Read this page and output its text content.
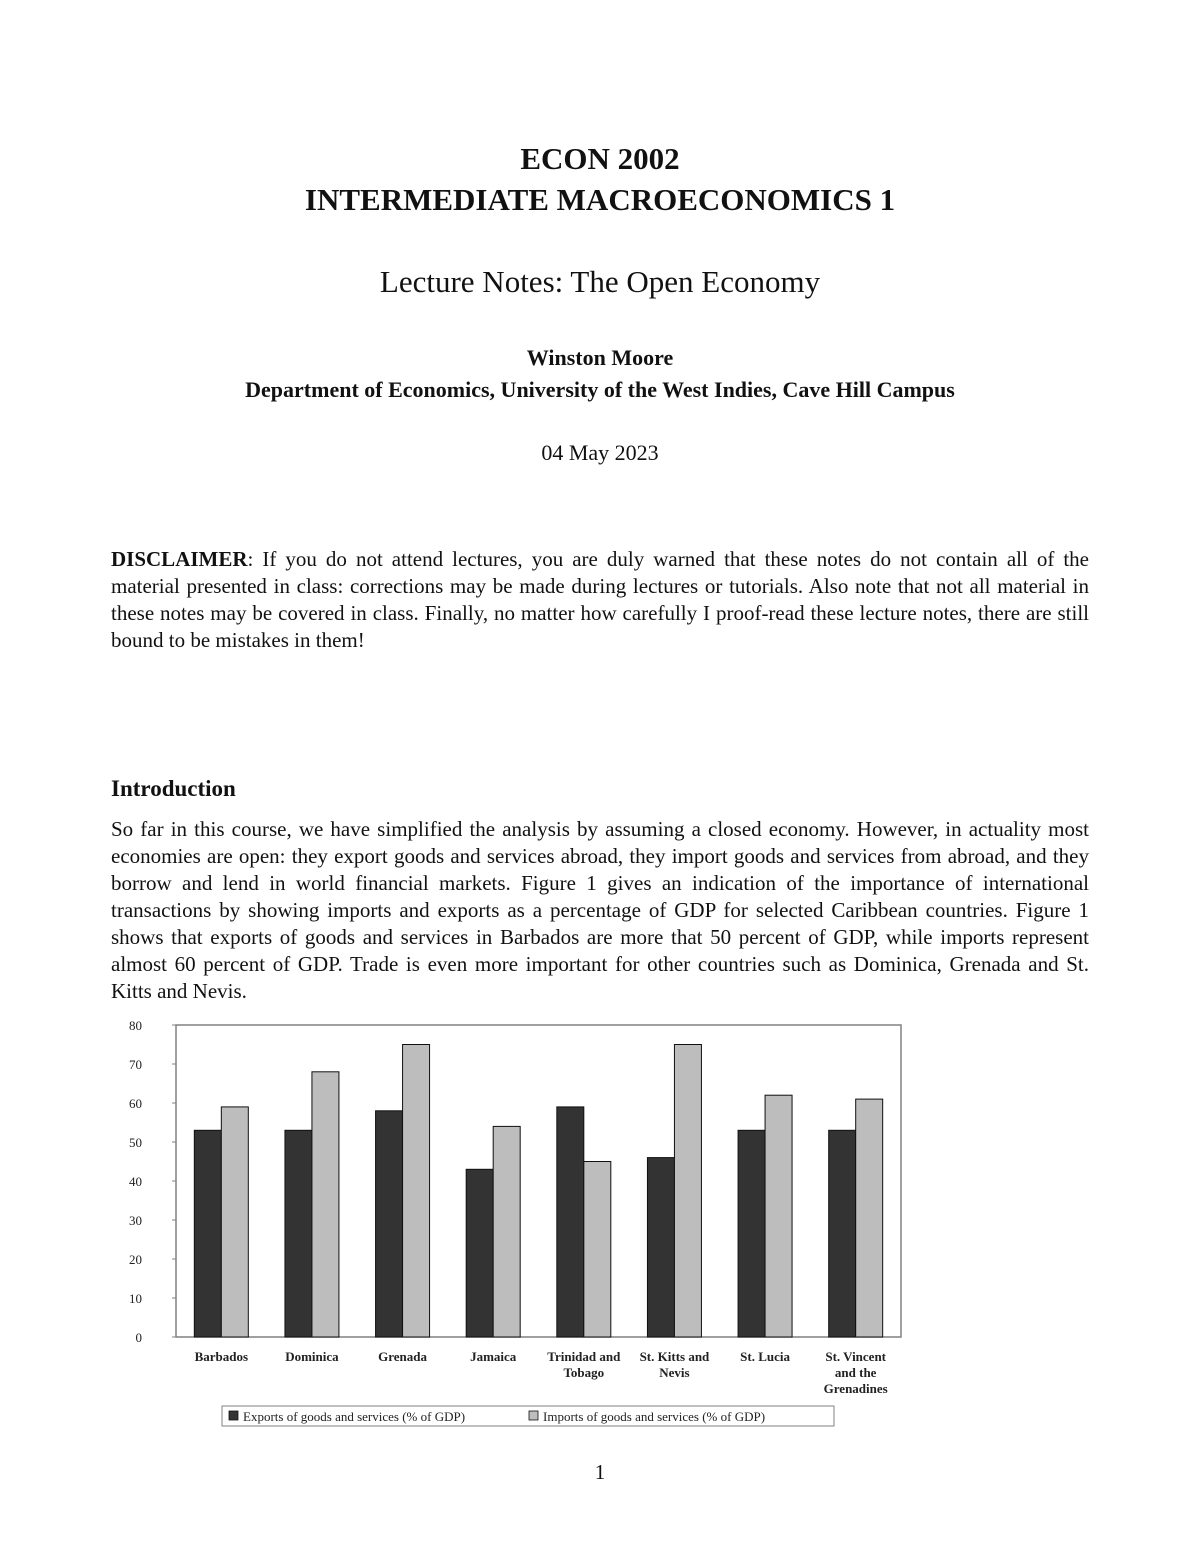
ECON 2002
INTERMEDIATE MACROECONOMICS 1
Lecture Notes: The Open Economy
Winston Moore
Department of Economics, University of the West Indies, Cave Hill Campus
04 May 2023

DISCLAIMER: If you do not attend lectures, you are duly warned that these notes do not contain all of the material presented in class: corrections may be made during lectures or tutorials. Also note that not all material in these notes may be covered in class. Finally, no matter how carefully I proof-read these lecture notes, there are still bound to be mistakes in them!

Introduction

So far in this course, we have simplified the analysis by assuming a closed economy. However, in actuality most economies are open: they export goods and services abroad, they import goods and services from abroad, and they borrow and lend in world financial markets. Figure 1 gives an indication of the importance of international transactions by showing imports and exports as a percentage of GDP for selected Caribbean countries. Figure 1 shows that exports of goods and services in Barbados are more that 50 percent of GDP, while imports represent almost 60 percent of GDP. Trade is even more important for other countries such as Dominica, Grenada and St. Kitts and Nevis.

0
10
20
30
40
50
60
70
80
Barbados	Dominica	Grenada	Jamaica Trinidad and
Tobago
St. Kitts and
Nevis
St. Lucia	St. Vincent
and the
Grenadines
Exports of goods and services (% of GDP)	Imports of goods and services (% of GDP)
1
